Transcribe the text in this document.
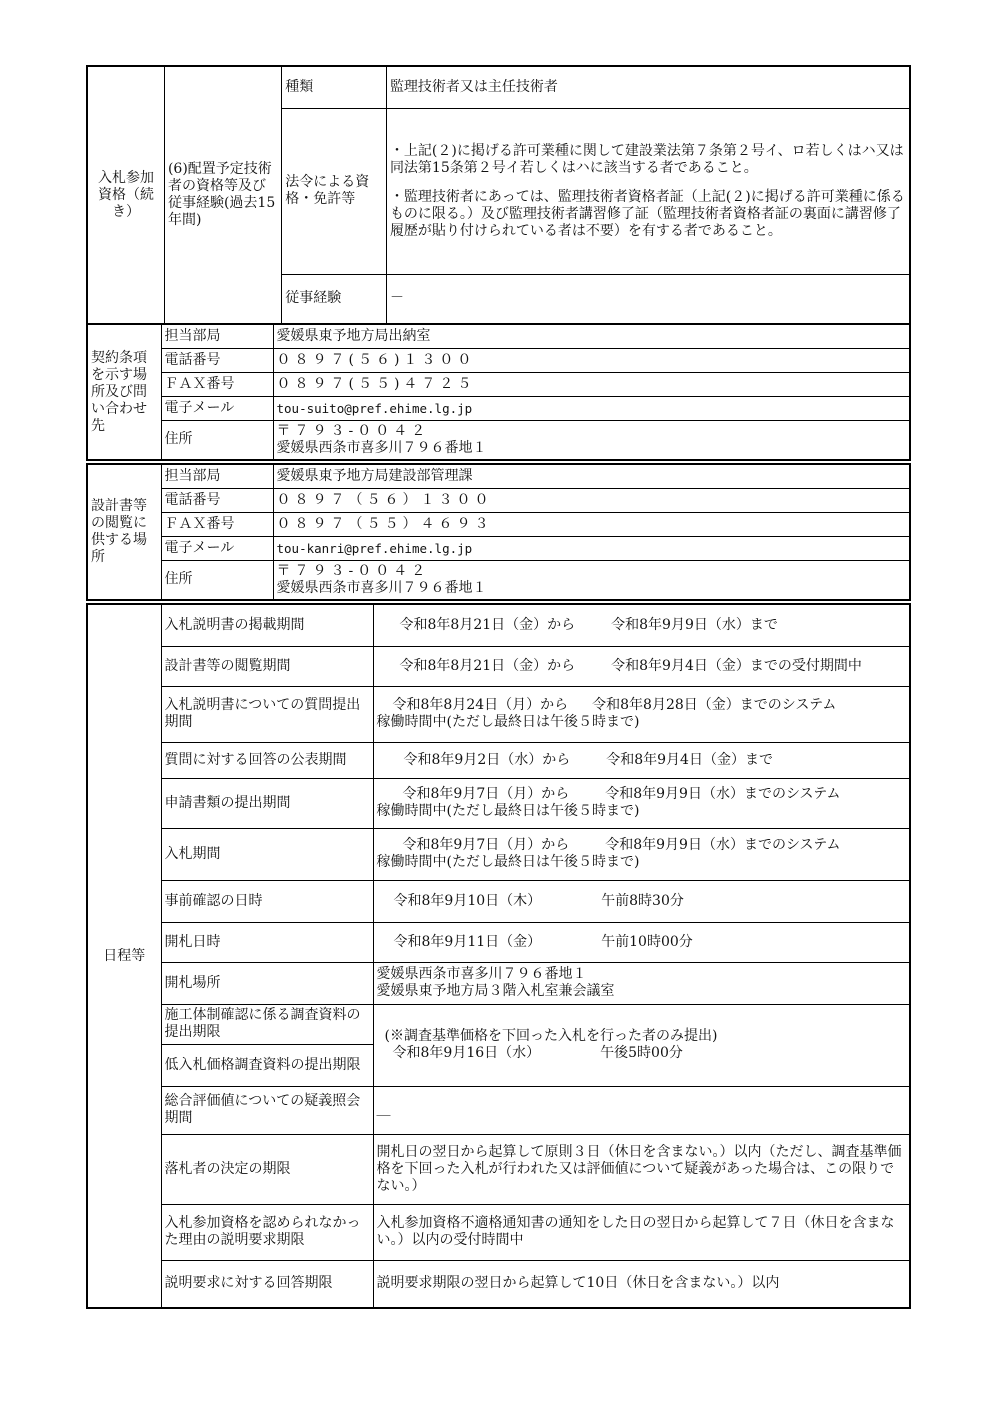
入札参加資格（続き）	(6)配置予定技術者の資格等及び従事経験(過去15年間)	種類	監理技術者又は主任技術者
		法令による資格・免許等	・上記(２)に掲げる許可業種に関して建設業法第７条第２号イ、ロ若しくはハ又は同法第15条第２号イ若しくはハに該当する者であること。
・監理技術者にあっては、監理技術者資格者証（上記(２)に掲げる許可業種に係るものに限る。）及び監理技術者講習修了証（監理技術者資格者証の裏面に講習修了履歴が貼り付けられている者は不要）を有する者であること。

		従事経験	－
契約条項を示す場所及び問い合わせ先	担当部局	愛媛県東予地方局出納室
	電話番号	０８９７(５６)１３００
	ＦＡＸ番号	０８９７(５５)４７２５
	電子メール	tou-suito@pref.ehime.lg.jp
	住所	〒７９３-００４２
愛媛県西条市喜多川７９６番地１
設計書等の閲覧に供する場所	担当部局	愛媛県東予地方局建設部管理課
	電話番号	０８９７（５６）１３００
	ＦＡＸ番号	０８９７（５５）４６９３
	電子メール	tou-kanri@pref.ehime.lg.jp
	住所	〒７９３-００４２
愛媛県西条市喜多川７９６番地１
日程等	入札説明書の掲載期間	令和8年8月21日（金）から 令和8年9月9日（水）まで
	設計書等の閲覧期間	令和8年8月21日（金）から 令和8年9月4日（金）までの受付期間中
	入札説明書についての質問提出期間	令和8年8月24日（月）から 令和8年8月28日（金）までのシステム
稼働時間中(ただし最終日は午後５時まで)

	質問に対する回答の公表期間	令和8年9月2日（水）から 令和8年9月4日（金）まで
	申請書類の提出期間	令和8年9月7日（月）から 令和8年9月9日（水）までのシステム
稼働時間中(ただし最終日は午後５時まで)

	入札期間	令和8年9月7日（月）から 令和8年9月9日（水）までのシステム
稼働時間中(ただし最終日は午後５時まで)

	事前確認の日時	令和8年9月10日（木） 午前8時30分
	開札日時	令和8年9月11日（金） 午前10時00分
	開札場所	愛媛県西条市喜多川７９６番地１
愛媛県東予地方局３階入札室兼会議室

	施工体制確認に係る調査資料の提出期限	(※調査基準価格を下回った入札を行った者のみ提出)
令和8年9月16日（水） 午後5時00分

	低入札価格調査資料の提出期限	
	総合評価値についての疑義照会期間	＿
	落札者の決定の期限	開札日の翌日から起算して原則３日（休日を含まない。）以内（ただし、調査基準価格を下回った入札が行われた又は評価値について疑義があった場合は、この限りでない。）
	入札参加資格を認められなかった理由の説明要求期限	入札参加資格不適格通知書の通知をした日の翌日から起算して７日（休日を含まない。）以内の受付時間中
	説明要求に対する回答期限	説明要求期限の翌日から起算して10日（休日を含まない。）以内
